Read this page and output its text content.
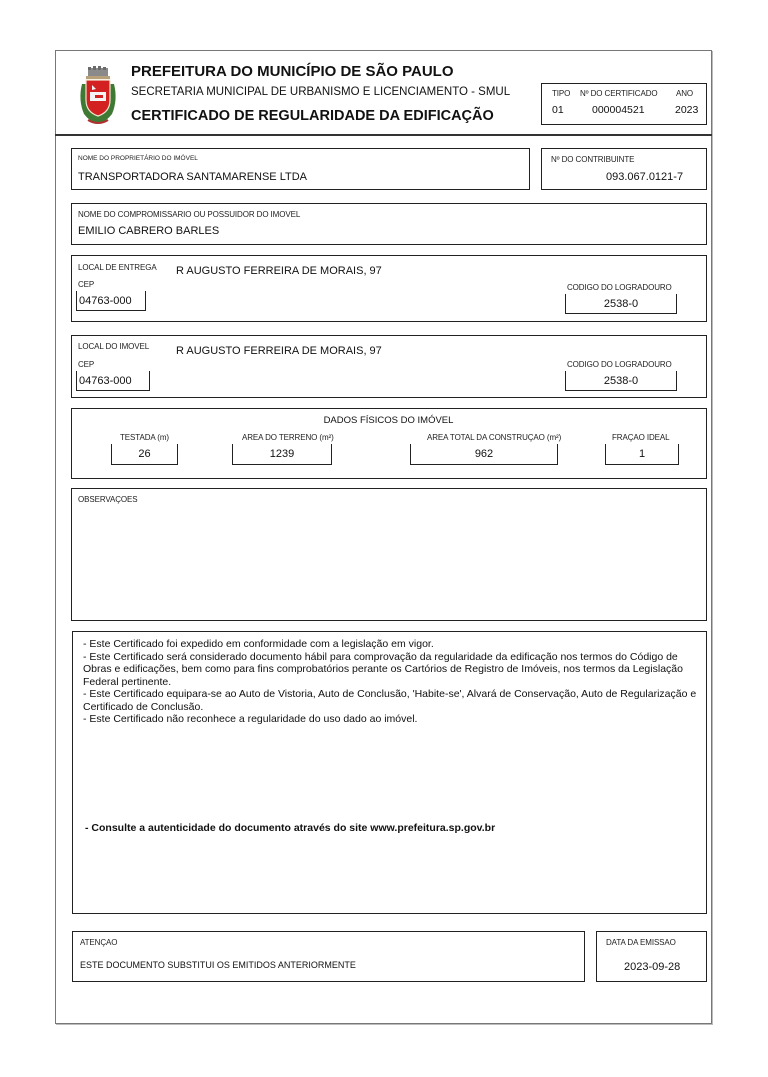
PREFEITURA DO MUNICÍPIO DE SÃO PAULO
SECRETARIA MUNICIPAL DE URBANISMO E LICENCIAMENTO - SMUL
CERTIFICADO DE REGULARIDADE DA EDIFICAÇÃO
TIPO Nº DO CERTIFICADO ANO
01	000004521	2023
NOME DO PROPRIETÁRIO DO IMÓVEL
TRANSPORTADORA SANTAMARENSE LTDA
Nº DO CONTRIBUINTE
093.067.0121-7
NOME DO COMPROMISSARIO OU POSSUIDOR DO IMOVEL
EMILIO CABRERO BARLES
LOCAL DE ENTREGA R AUGUSTO FERREIRA DE MORAIS, 97
CEP
04763-000
CODIGO DO LOGRADOURO
2538-0
LOCAL DO IMOVEL R AUGUSTO FERREIRA DE MORAIS, 97
CEP
04763-000
CODIGO DO LOGRADOURO
2538-0
DADOS FÍSICOS DO IMÓVEL
TESTADA (m)
26
AREA DO TERRENO (m²)
1239
AREA TOTAL DA CONSTRUÇAO (m²)
962
FRAÇAO IDEAL
1
OBSERVAÇOES
- Este Certificado foi expedido em conformidade com a legislação em vigor.
- Este Certificado será considerado documento hábil para comprovação da regularidade da edificação nos termos do Código de Obras e edificações, bem como para fins comprobatórios perante os Cartórios de Registro de Imóveis, nos termos da Legislação Federal pertinente.
- Este Certificado equipara-se ao Auto de Vistoria, Auto de Conclusão, 'Habite-se', Alvará de Conservação, Auto de Regularização e Certificado de Conclusão.
- Este Certificado não reconhece a regularidade do uso dado ao imóvel.
- Consulte a autenticidade do documento através do site www.prefeitura.sp.gov.br
ATENÇAO
ESTE DOCUMENTO SUBSTITUI OS EMITIDOS ANTERIORMENTE
DATA DA EMISSAO
2023-09-28
